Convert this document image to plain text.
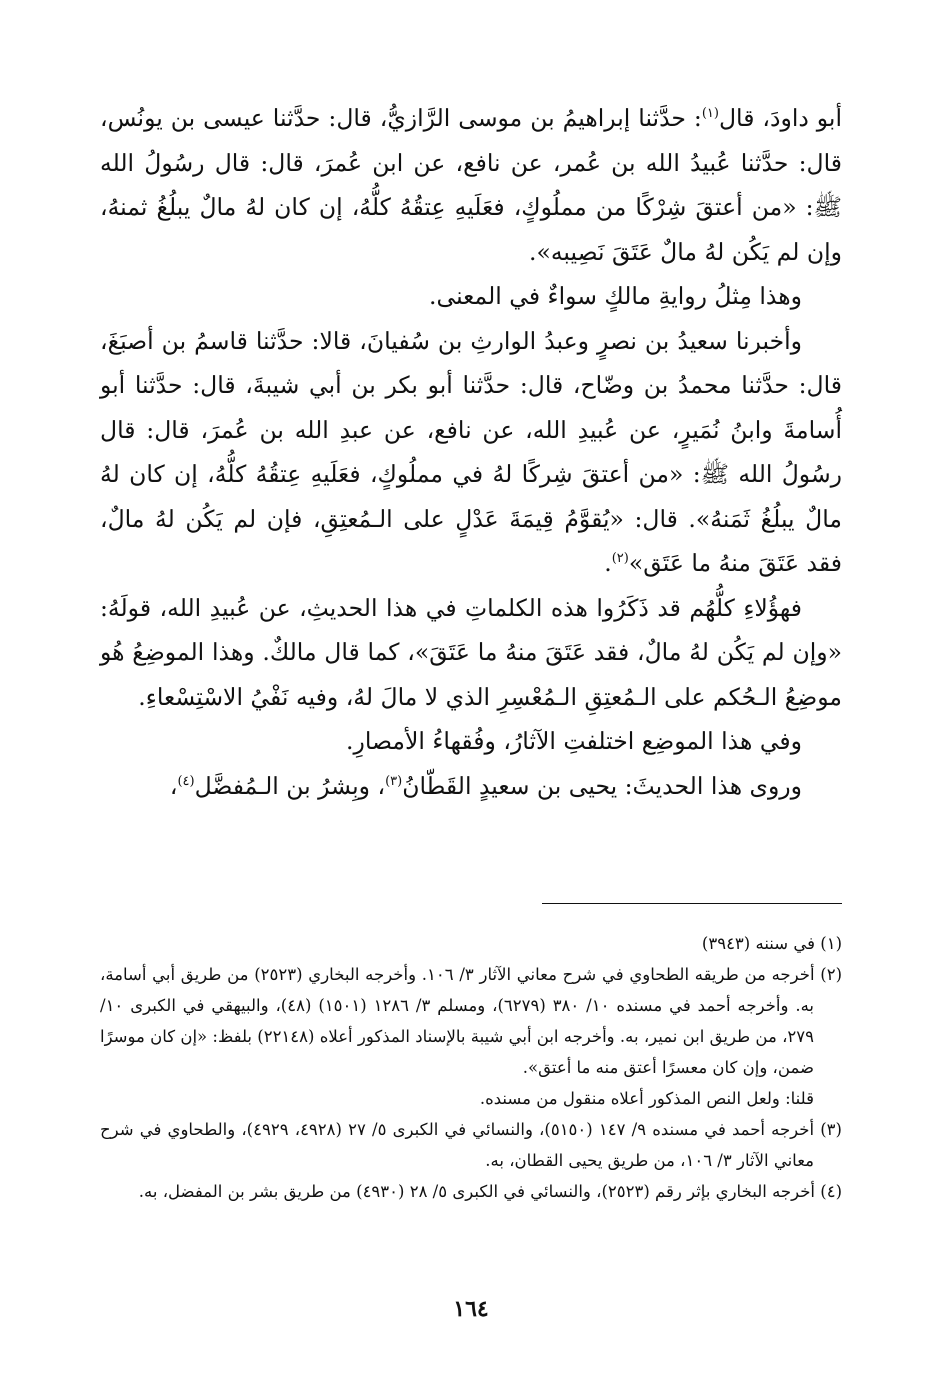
أبو داودَ، قال$^{(١)}$: حدَّثنا إبراهيمُ بن موسى الرَّازيُّ، قال: حدَّثنا عيسى بن يونُس، قال: حدَّثنا عُبيدُ الله بن عُمر، عن نافع، عن ابن عُمرَ، قال: قال رسُولُ الله ﷺ: «من أعتقَ شِرْكًا من مملُوكٍ، فعَلَيهِ عِتقُهُ كلُّهُ، إن كان لهُ مالٌ يبلُغُ ثمنهُ، وإن لم يَكُن لهُ مالٌ عَتَقَ نَصِيبه».

وهذا مِثلُ روايةِ مالكٍ سواءٌ في المعنى.

وأخبرنا سعيدُ بن نصرٍ وعبدُ الوارثِ بن سُفيانَ، قالا: حدَّثنا قاسمُ بن أصبَغَ، قال: حدَّثنا محمدُ بن وضّاح، قال: حدَّثنا أبو بكر بن أبي شيبةَ، قال: حدَّثنا أبو أُسامةَ وابنُ نُمَيرٍ، عن عُبيدِ الله، عن نافع، عن عبدِ الله بن عُمرَ، قال: قال رسُولُ الله ﷺ: «من أعتقَ شِركًا لهُ في مملُوكٍ، فعَلَيهِ عِتقُهُ كلُّهُ، إن كان لهُ مالٌ يبلُغُ ثَمَنهُ». قال: «يُقوَّمُ قِيمَةَ عَدْلٍ على الـمُعتِقِ، فإن لم يَكُن لهُ مالٌ، فقد عَتَقَ منهُ ما عَتَق»$^{(٢)}$.

فهؤُلاءِ كلُّهُم قد ذَكَرُوا هذه الكلماتِ في هذا الحديثِ، عن عُبيدِ الله، قولَهُ: «وإن لم يَكُن لهُ مالٌ، فقد عَتَقَ منهُ ما عَتَقَ»، كما قال مالكٌ. وهذا الموضِعُ هُو موضِعُ الـحُكم على الـمُعتِقِ الـمُعْسِرِ الذي لا مالَ لهُ، وفيه نَفْيُ الاسْتِسْعاءِ.

وفي هذا الموضِع اختلفتِ الآثارُ، وفُقهاءُ الأمصارِ.

وروى هذا الحديثَ: يحيى بن سعيدٍ القَطّانُ$^{(٣)}$، وبِشرُ بن الـمُفضَّل$^{(٤)}$،

(١) في سننه (٣٩٤٣)

(٢) أخرجه من طريقه الطحاوي في شرح معاني الآثار ٣/ ١٠٦. وأخرجه البخاري (٢٥٢٣) من طريق أبي أسامة، به. وأخرجه أحمد في مسنده ١٠/ ٣٨٠ (٦٢٧٩)، ومسلم ٣/ ١٢٨٦ (١٥٠١) (٤٨)، والبيهقي في الكبرى ١٠/ ٢٧٩، من طريق ابن نمير، به. وأخرجه ابن أبي شيبة بالإسناد المذكور أعلاه (٢٢١٤٨) بلفظ: «إن كان موسرًا ضمن، وإن كان معسرًا أعتق منه ما أعتق».

قلنا: ولعل النص المذكور أعلاه منقول من مسنده.

(٣) أخرجه أحمد في مسنده ٩/ ١٤٧ (٥١٥٠)، والنسائي في الكبرى ٥/ ٢٧ (٤٩٢٨، ٤٩٢٩)، والطحاوي في شرح معاني الآثار ٣/ ١٠٦، من طريق يحيى القطان، به.

(٤) أخرجه البخاري بإثر رقم (٢٥٢٣)، والنسائي في الكبرى ٥/ ٢٨ (٤٩٣٠) من طريق بشر بن المفضل، به.

١٦٤
